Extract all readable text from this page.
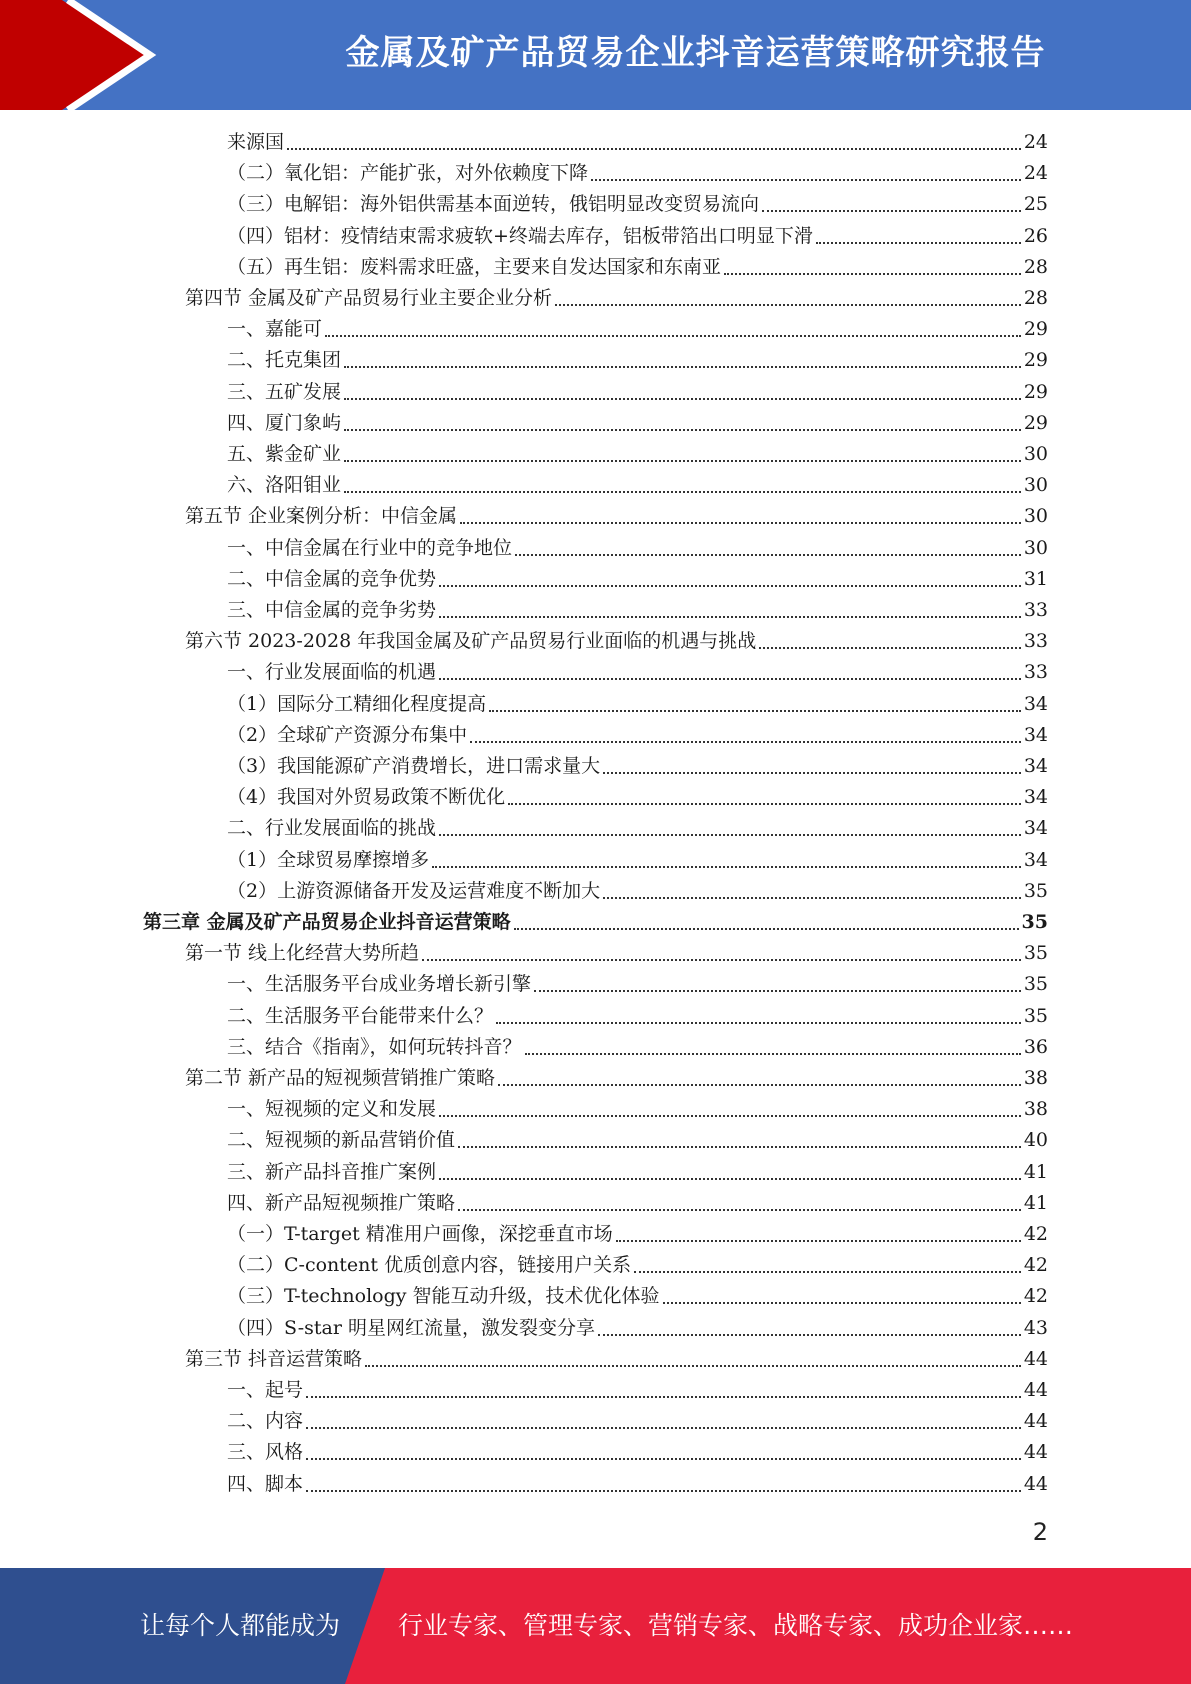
金属及矿产品贸易企业抖音运营策略研究报告
来源国	24
（二）氧化铝：产能扩张，对外依赖度下降	24
（三）电解铝：海外铝供需基本面逆转，俄铝明显改变贸易流向	25
（四）铝材：疫情结束需求疲软+终端去库存，铝板带箔出口明显下滑	26
（五）再生铝：废料需求旺盛，主要来自发达国家和东南亚	28
第四节 金属及矿产品贸易行业主要企业分析	28
一、嘉能可	29
二、托克集团	29
三、五矿发展	29
四、厦门象屿	29
五、紫金矿业	30
六、洛阳钼业	30
第五节 企业案例分析：中信金属	30
一、中信金属在行业中的竞争地位	30
二、中信金属的竞争优势	31
三、中信金属的竞争劣势	33
第六节 2023-2028 年我国金属及矿产品贸易行业面临的机遇与挑战	33
一、行业发展面临的机遇	33
（1）国际分工精细化程度提高	34
（2）全球矿产资源分布集中	34
（3）我国能源矿产消费增长，进口需求量大	34
（4）我国对外贸易政策不断优化	34
二、行业发展面临的挑战	34
（1）全球贸易摩擦增多	34
（2）上游资源储备开发及运营难度不断加大	35
第三章 金属及矿产品贸易企业抖音运营策略	35
第一节 线上化经营大势所趋	35
一、生活服务平台成业务增长新引擎	35
二、生活服务平台能带来什么？	35
三、结合《指南》，如何玩转抖音？	36
第二节 新产品的短视频营销推广策略	38
一、短视频的定义和发展	38
二、短视频的新品营销价值	40
三、新产品抖音推广案例	41
四、新产品短视频推广策略	41
（一）T-target 精准用户画像，深挖垂直市场	42
（二）C-content 优质创意内容，链接用户关系	42
（三）T-technology 智能互动升级，技术优化体验	42
（四）S-star 明星网红流量，激发裂变分享	43
第三节 抖音运营策略	44
一、起号	44
二、内容	44
三、风格	44
四、脚本	44
2
让每个人都能成为 行业专家、管理专家、营销专家、战略专家、成功企业家……
